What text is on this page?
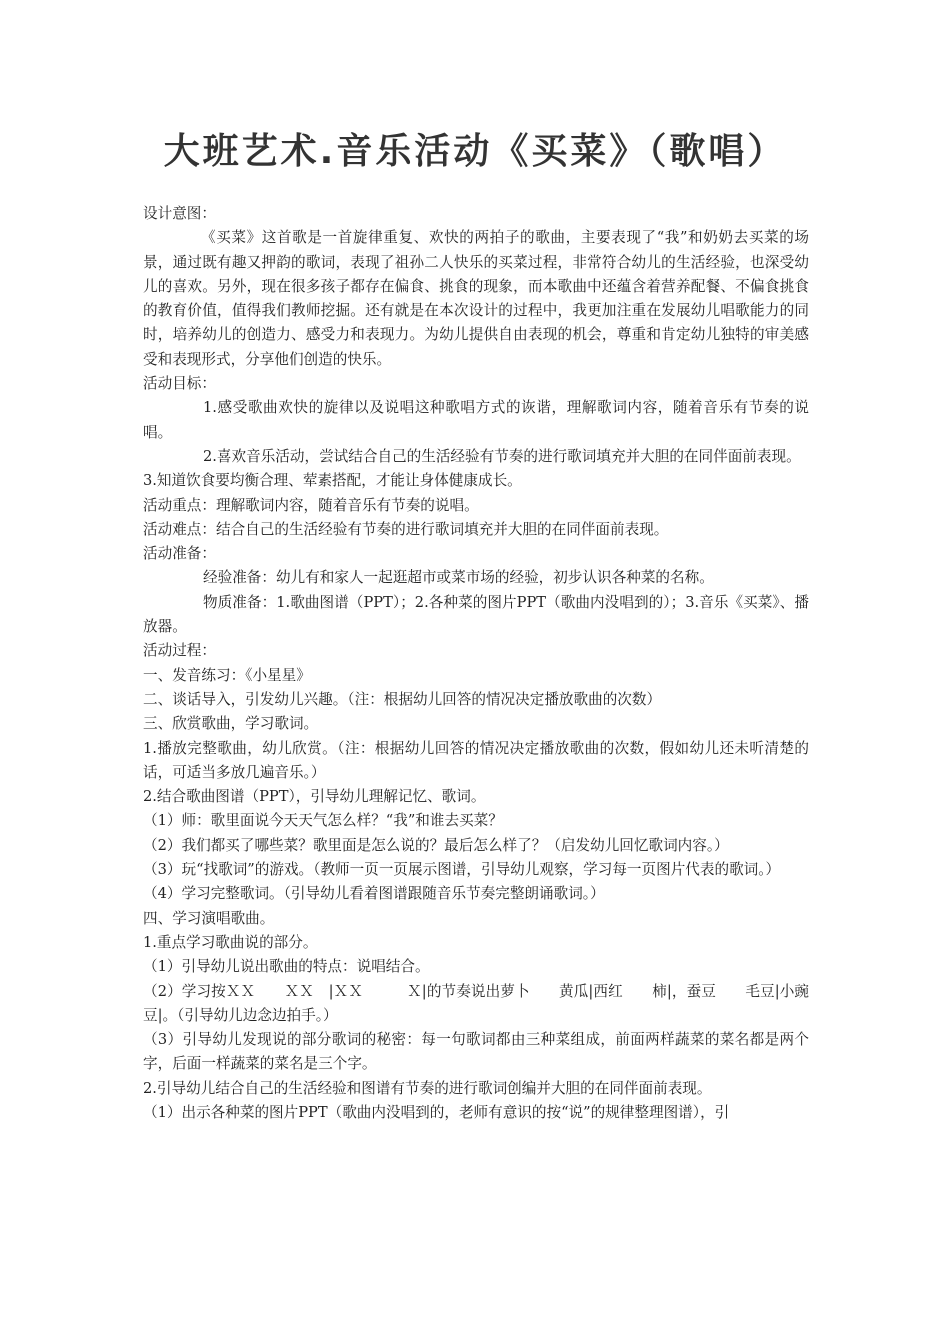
大班艺术.音乐活动《买菜》（歌唱）

设计意图：

《买菜》这首歌是一首旋律重复、欢快的两拍子的歌曲，主要表现了“我”和奶奶去买菜的场景，通过既有趣又押韵的歌词，表现了祖孙二人快乐的买菜过程，非常符合幼儿的生活经验，也深受幼儿的喜欢。另外，现在很多孩子都存在偏食、挑食的现象，而本歌曲中还蕴含着营养配餐、不偏食挑食的教育价值，值得我们教师挖掘。还有就是在本次设计的过程中，我更加注重在发展幼儿唱歌能力的同时，培养幼儿的创造力、感受力和表现力。为幼儿提供自由表现的机会，尊重和肯定幼儿独特的审美感受和表现形式，分享他们创造的快乐。

活动目标：

1.感受歌曲欢快的旋律以及说唱这种歌唱方式的诙谐，理解歌词内容，随着音乐有节奏的说唱。

2.喜欢音乐活动，尝试结合自己的生活经验有节奏的进行歌词填充并大胆的在同伴面前表现。

3.知道饮食要均衡合理、荤素搭配，才能让身体健康成长。

活动重点：理解歌词内容，随着音乐有节奏的说唱。

活动难点：结合自己的生活经验有节奏的进行歌词填充并大胆的在同伴面前表现。

活动准备：

经验准备：幼儿有和家人一起逛超市或菜市场的经验，初步认识各种菜的名称。

物质准备：1.歌曲图谱（PPT）；2.各种菜的图片PPT（歌曲内没唱到的）；3.音乐《买菜》、播放器。

活动过程：

一、发音练习：《小星星》

二、谈话导入，引发幼儿兴趣。（注：根据幼儿回答的情况决定播放歌曲的次数）

三、欣赏歌曲，学习歌词。

1.播放完整歌曲，幼儿欣赏。（注：根据幼儿回答的情况决定播放歌曲的次数，假如幼儿还未听清楚的话，可适当多放几遍音乐。）

2.结合歌曲图谱（PPT），引导幼儿理解记忆、歌词。

（1）师：歌里面说今天天气怎么样？“我”和谁去买菜？

（2）我们都买了哪些菜？歌里面是怎么说的？最后怎么样了？（启发幼儿回忆歌词内容。）

（3）玩“找歌词”的游戏。（教师一页一页展示图谱，引导幼儿观察，学习每一页图片代表的歌词。）

（4）学习完整歌词。（引导幼儿看着图谱跟随音乐节奏完整朗诵歌词。）

四、学习演唱歌曲。

1.重点学习歌曲说的部分。

（1）引导幼儿说出歌曲的特点：说唱结合。

（2）学习按ＸＸ　　ＸＸ　|ＸＸ　　　Ｘ|的节奏说出萝卜　　黄瓜|西红　　柿|，蚕豆　　毛豆|小豌　　豆|。（引导幼儿边念边拍手。）

（3）引导幼儿发现说的部分歌词的秘密：每一句歌词都由三种菜组成，前面两样蔬菜的菜名都是两个字，后面一样蔬菜的菜名是三个字。

2.引导幼儿结合自己的生活经验和图谱有节奏的进行歌词创编并大胆的在同伴面前表现。

（1）出示各种菜的图片PPT（歌曲内没唱到的，老师有意识的按“说”的规律整理图谱），引
